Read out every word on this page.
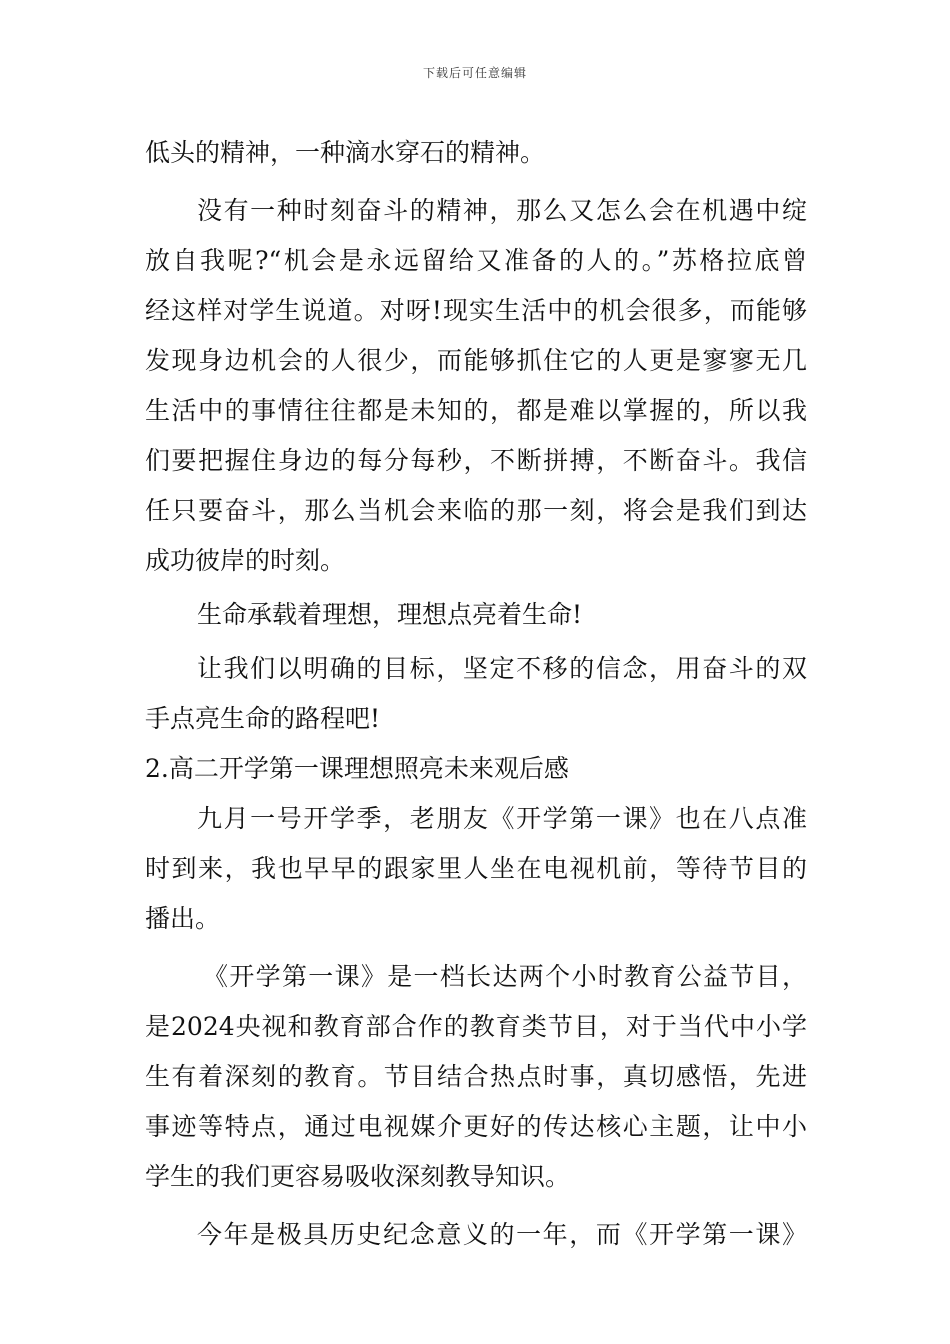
下载后可任意编辑
低头的精神，一种滴水穿石的精神。
没有一种时刻奋斗的精神，那么又怎么会在机遇中绽
放自我呢?“机会是永远留给又准备的人的。”苏格拉底曾
经这样对学生说道。对呀!现实生活中的机会很多，而能够
发现身边机会的人很少，而能够抓住它的人更是寥寥无几
生活中的事情往往都是未知的，都是难以掌握的，所以我
们要把握住身边的每分每秒，不断拼搏，不断奋斗。我信
任只要奋斗，那么当机会来临的那一刻，将会是我们到达
成功彼岸的时刻。
生命承载着理想，理想点亮着生命!
让我们以明确的目标，坚定不移的信念，用奋斗的双
手点亮生命的路程吧!
2.高二开学第一课理想照亮未来观后感
九月一号开学季，老朋友《开学第一课》也在八点准
时到来，我也早早的跟家里人坐在电视机前，等待节目的
播出。
《开学第一课》是一档长达两个小时教育公益节目，
是2024央视和教育部合作的教育类节目，对于当代中小学
生有着深刻的教育。节目结合热点时事，真切感悟，先进
事迹等特点，通过电视媒介更好的传达核心主题，让中小
学生的我们更容易吸收深刻教导知识。
今年是极具历史纪念意义的一年，而《开学第一课》
